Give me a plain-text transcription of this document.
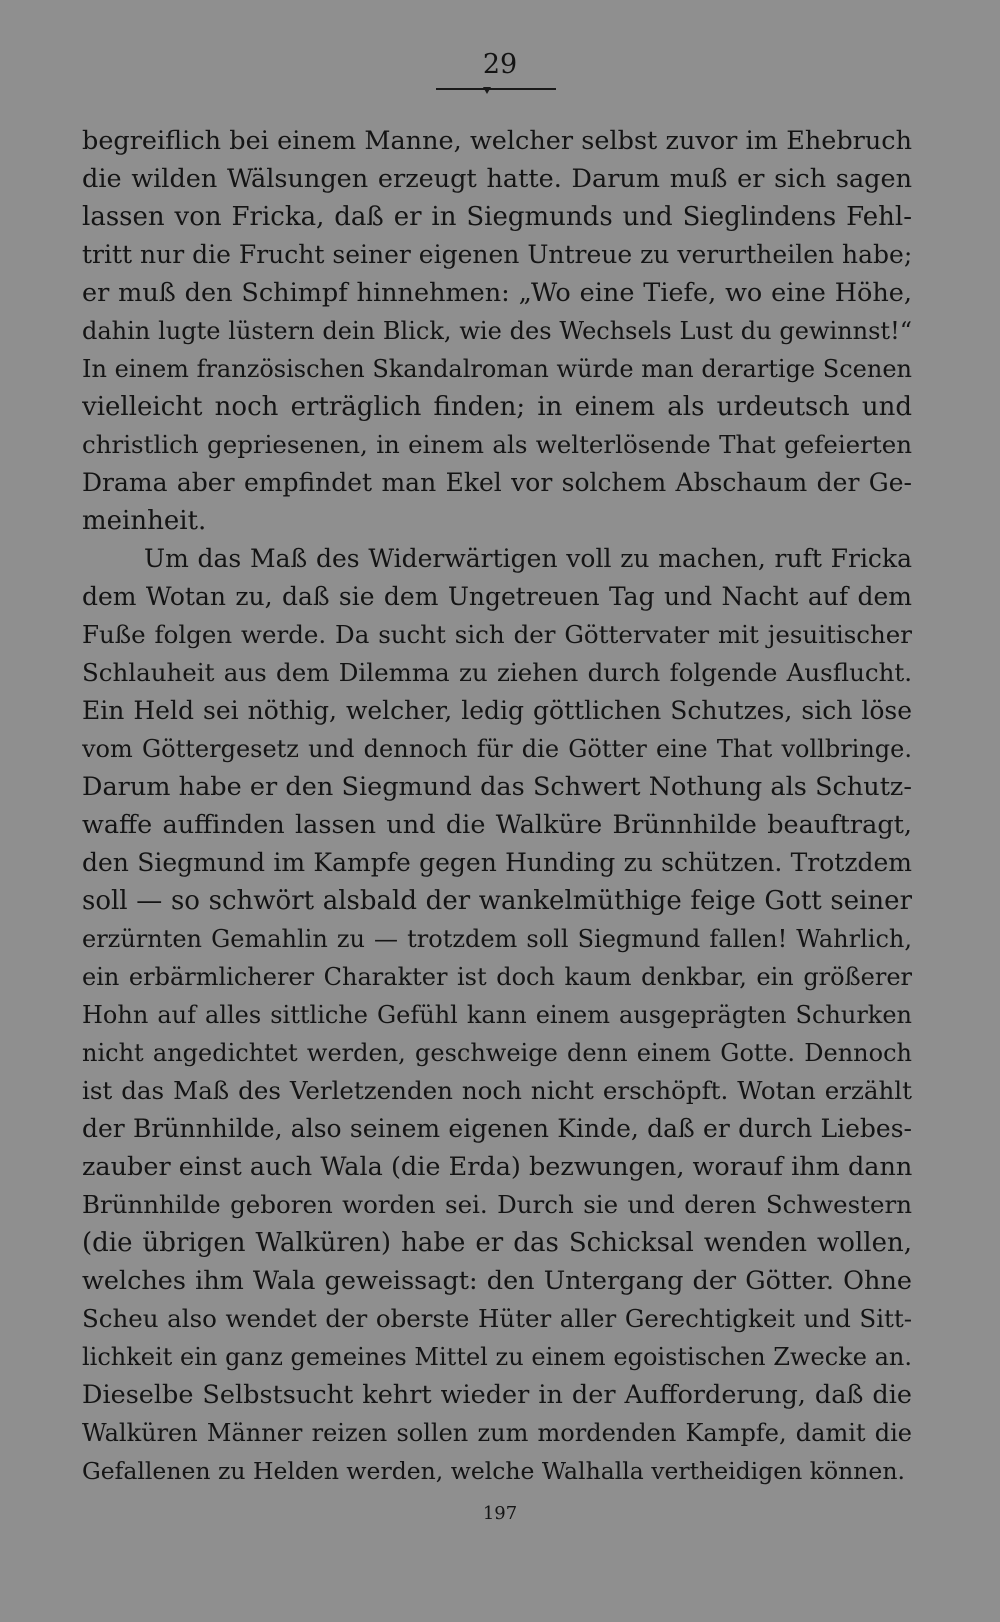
29
begreiflich bei einem Manne, welcher selbst zuvor im Ehebruch
die wilden Wälsungen erzeugt hatte. Darum muß er sich sagen
lassen von Fricka, daß er in Siegmunds und Sieglindens Fehl-
tritt nur die Frucht seiner eigenen Untreue zu verurtheilen habe;
er muß den Schimpf hinnehmen: „Wo eine Tiefe, wo eine Höhe,
dahin lugte lüstern dein Blick, wie des Wechsels Lust du gewinnst!“
In einem französischen Skandalroman würde man derartige Scenen
vielleicht noch erträglich finden; in einem als urdeutsch und
christlich gepriesenen, in einem als welterlösende That gefeierten
Drama aber empfindet man Ekel vor solchem Abschaum der Ge-
meinheit.
Um das Maß des Widerwärtigen voll zu machen, ruft Fricka
dem Wotan zu, daß sie dem Ungetreuen Tag und Nacht auf dem
Fuße folgen werde. Da sucht sich der Göttervater mit jesuitischer
Schlauheit aus dem Dilemma zu ziehen durch folgende Ausflucht.
Ein Held sei nöthig, welcher, ledig göttlichen Schutzes, sich löse
vom Göttergesetz und dennoch für die Götter eine That vollbringe.
Darum habe er den Siegmund das Schwert Nothung als Schutz-
waffe auffinden lassen und die Walküre Brünnhilde beauftragt,
den Siegmund im Kampfe gegen Hunding zu schützen. Trotzdem
soll — so schwört alsbald der wankelmüthige feige Gott seiner
erzürnten Gemahlin zu — trotzdem soll Siegmund fallen! Wahrlich,
ein erbärmlicherer Charakter ist doch kaum denkbar, ein größerer
Hohn auf alles sittliche Gefühl kann einem ausgeprägten Schurken
nicht angedichtet werden, geschweige denn einem Gotte. Dennoch
ist das Maß des Verletzenden noch nicht erschöpft. Wotan erzählt
der Brünnhilde, also seinem eigenen Kinde, daß er durch Liebes-
zauber einst auch Wala (die Erda) bezwungen, worauf ihm dann
Brünnhilde geboren worden sei. Durch sie und deren Schwestern
(die übrigen Walküren) habe er das Schicksal wenden wollen,
welches ihm Wala geweissagt: den Untergang der Götter. Ohne
Scheu also wendet der oberste Hüter aller Gerechtigkeit und Sitt-
lichkeit ein ganz gemeines Mittel zu einem egoistischen Zwecke an.
Dieselbe Selbstsucht kehrt wieder in der Aufforderung, daß die
Walküren Männer reizen sollen zum mordenden Kampfe, damit die
Gefallenen zu Helden werden, welche Walhalla vertheidigen können.
197
